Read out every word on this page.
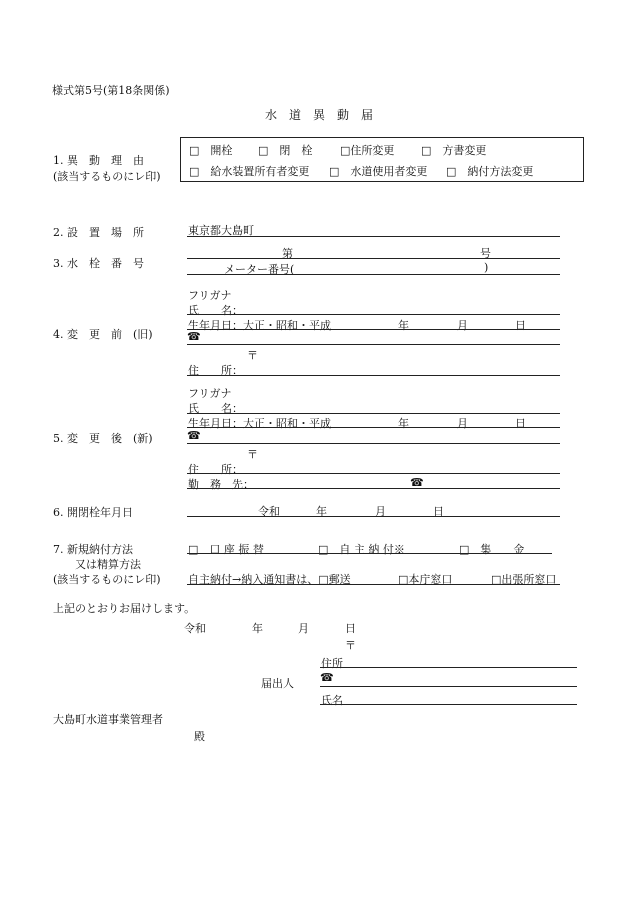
様式第5号(第18条関係)
水　道　異　動　届
1. 異　動　理　由
(該当するものにレ印)
□　開栓 □　閉　栓	□住所変更 □　方書変更
□　給水装置所有者変更 □　水道使用者変更 □　納付方法変更
2. 設　置　場　所	東京都大島町
3. 水　栓　番　号
第	号
メーター番号(	)
4. 変　更　前　(旧)
フリガナ
氏　　名：
生年月日：大正・昭和・平成	年	月	日
☎
〒
住　　所：
5. 変　更　後　(新)
フリガナ
氏　　名：
生年月日：大正・昭和・平成	年	月	日
☎
〒
住　　所：
勤　務　先：	☎
6. 開閉栓年月日	令和	年	月	日
7. 新規納付方法
又は精算方法
(該当するものにレ印)
□　口 座 振 替	□　自 主 納 付※	□　集　　金
自主納付→納入通知書は、□郵送	□本庁窓口	□出張所窓口
上記のとおりお届けします。
令和	年	月	日
〒
住所
届出人 ☎
氏名
大島町水道事業管理者
殿
